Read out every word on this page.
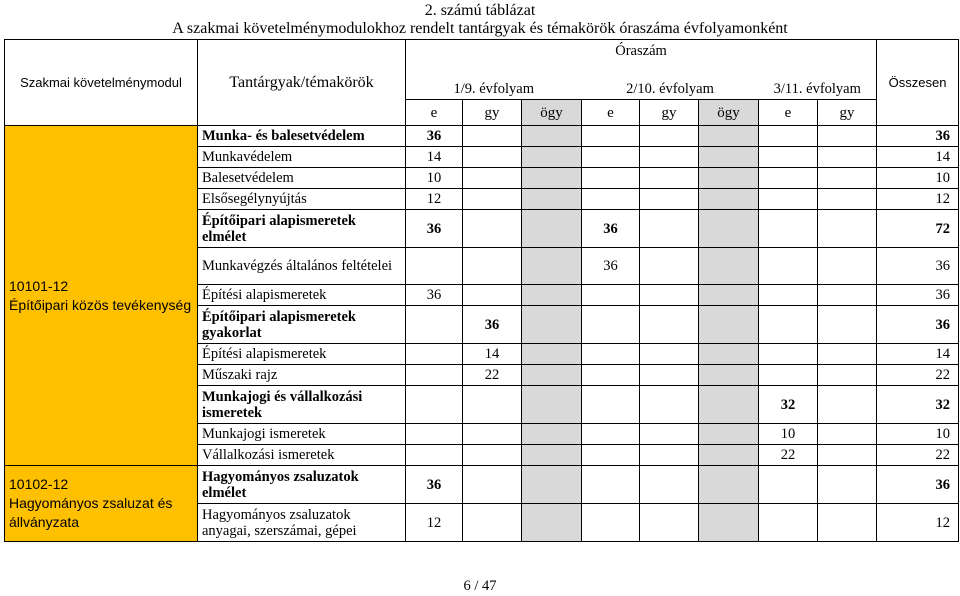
2. számú táblázat
A szakmai követelménymodulokhoz rendelt tantárgyak és témakörök óraszáma évfolyamonként
Szakmai követelménymodul	Tantárgyak/témakörök	Óraszám								Összesen
		1/9. évfolyam			2/10. évfolyam			3/11. évfolyam		
		e	gy	ögy	e	gy	ögy	e	gy	

10101-12
Építőipari közös tevékenység	Munka- és balesetvédelem	36								36
	Munkavédelem	14								14
	Balesetvédelem	10								10
	Elsősegélynyújtás	12								12
	Építőipari alapismeretek elmélet	36			36					72
	Munkavégzés általános feltételei				36					36
	Építési alapismeretek	36								36
	Építőipari alapismeretek gyakorlat		36							36
	Építési alapismeretek		14							14
	Műszaki rajz		22							22
	Munkajogi és vállalkozási ismeretek							32		32
	Munkajogi ismeretek							10		10
	Vállalkozási ismeretek							22		22

10102-12
Hagyományos zsaluzat és állványzata	Hagyományos zsaluzatok elmélet	36								36
	Hagyományos zsaluzatok anyagai, szerszámai, gépei	12								12
6 / 47
